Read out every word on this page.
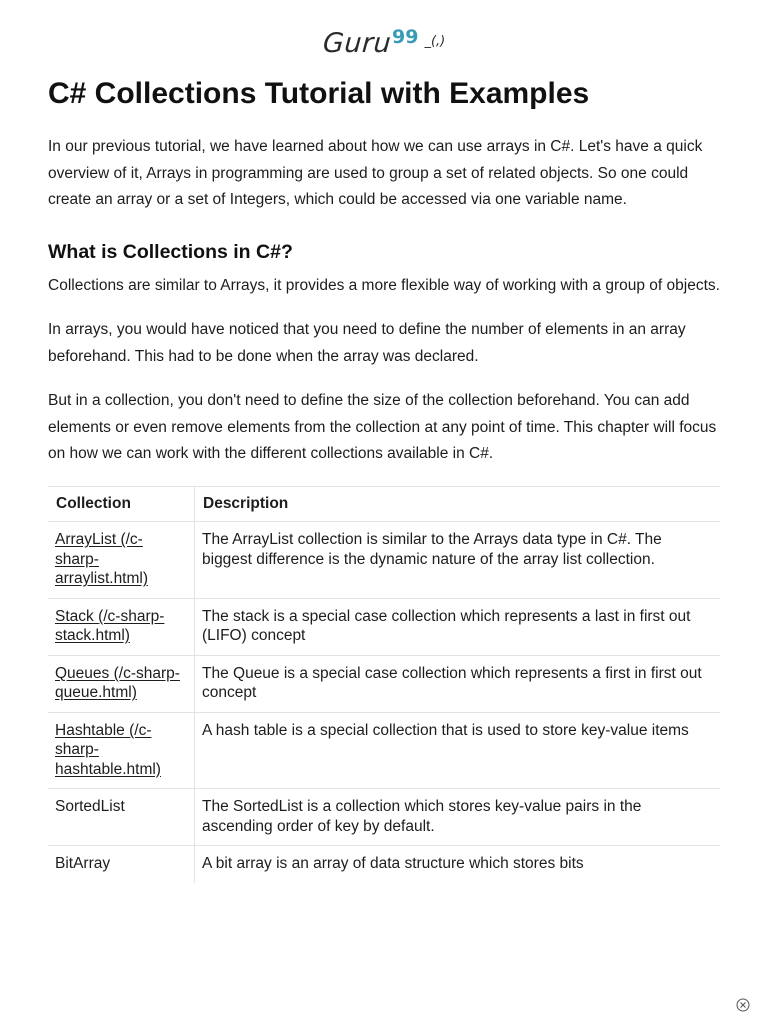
Guru 99 _(,)
C# Collections Tutorial with Examples

In our previous tutorial, we have learned about how we can use arrays in C#. Let's have a quick overview of it, Arrays in programming are used to group a set of related objects. So one could create an array or a set of Integers, which could be accessed via one variable name.

What is Collections in C#?

Collections are similar to Arrays, it provides a more flexible way of working with a group of objects.

In arrays, you would have noticed that you need to define the number of elements in an array beforehand. This had to be done when the array was declared.

But in a collection, you don't need to define the size of the collection beforehand. You can add elements or even remove elements from the collection at any point of time. This chapter will focus on how we can work with the different collections available in C#.

Collection	Description
ArrayList (/c-sharp-arraylist.html)	The ArrayList collection is similar to the Arrays data type in C#. The biggest difference is the dynamic nature of the array list collection.
Stack (/c-sharp-stack.html)	The stack is a special case collection which represents a last in first out (LIFO) concept
Queues (/c-sharp-queue.html)	The Queue is a special case collection which represents a first in first out concept
Hashtable (/c-sharp-hashtable.html)	A hash table is a special collection that is used to store key-value items
SortedList	The SortedList is a collection which stores key-value pairs in the ascending order of key by default.
BitArray	A bit array is an array of data structure which stores bits
